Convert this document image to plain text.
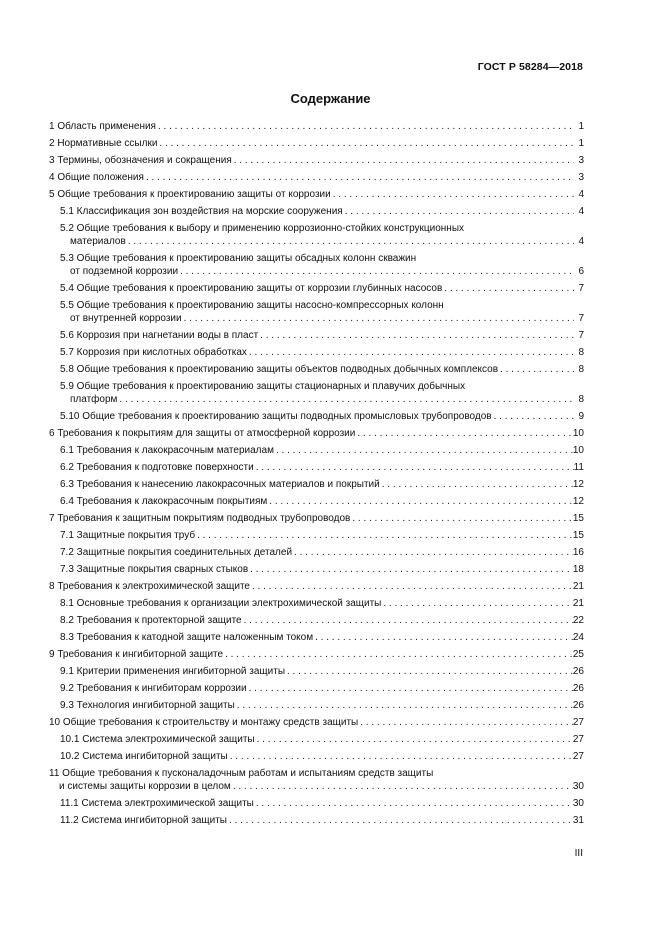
ГОСТ Р 58284—2018
Содержание
1 Область применения . . .	1
2 Нормативные ссылки . . .	1
3 Термины, обозначения и сокращения . . .	3
4 Общие положения . . .	3
5 Общие требования к проектированию защиты от коррозии . . .	4
5.1 Классификация зон воздействия на морские сооружения . . .	4
5.2 Общие требования к выбору и применению коррозионно-стойких конструкционных
материалов . . .	4
5.3 Общие требования к проектированию защиты обсадных колонн скважин
от подземной коррозии . . .	6
5.4 Общие требования к проектированию защиты от коррозии глубинных насосов . . .	7
5.5 Общие требования к проектированию защиты насосно-компрессорных колонн
от внутренней коррозии . . .	7
5.6 Коррозия при нагнетании воды в пласт . . .	7
5.7 Коррозия при кислотных обработках . . .	8
5.8 Общие требования к проектированию защиты объектов подводных добычных комплексов . . .	8
5.9 Общие требования к проектированию защиты стационарных и плавучих добычных
платформ . . .	8
5.10 Общие требования к проектированию защиты подводных промысловых трубопроводов . . .	9
6 Требования к покрытиям для защиты от атмосферной коррозии . . .	10
6.1 Требования к лакокрасочным материалам . . .	10
6.2 Требования к подготовке поверхности . . .	11
6.3 Требования к нанесению лакокрасочных материалов и покрытий . . .	12
6.4 Требования к лакокрасочным покрытиям . . .	12
7 Требования к защитным покрытиям подводных трубопроводов . . .	15
7.1 Защитные покрытия труб . . .	15
7.2 Защитные покрытия соединительных деталей . . .	16
7.3 Защитные покрытия сварных стыков . . .	18
8 Требования к электрохимической защите . . .	21
8.1 Основные требования к организации электрохимической защиты . . .	21
8.2 Требования к протекторной защите . . .	22
8.3 Требования к катодной защите наложенным током . . .	24
9 Требования к ингибиторной защите . . .	25
9.1 Критерии применения ингибиторной защиты . . .	26
9.2 Требования к ингибиторам коррозии . . .	26
9.3 Технология ингибиторной защиты . . .	26
10 Общие требования к строительству и монтажу средств защиты . . .	27
10.1 Система электрохимической защиты . . .	27
10.2 Система ингибиторной защиты . . .	27
11 Общие требования к пусконаладочным работам и испытаниям средств защиты
и системы защиты коррозии в целом . . .	30
11.1 Система электрохимической защиты . . .	30
11.2 Система ингибиторной защиты . . .	31
III
